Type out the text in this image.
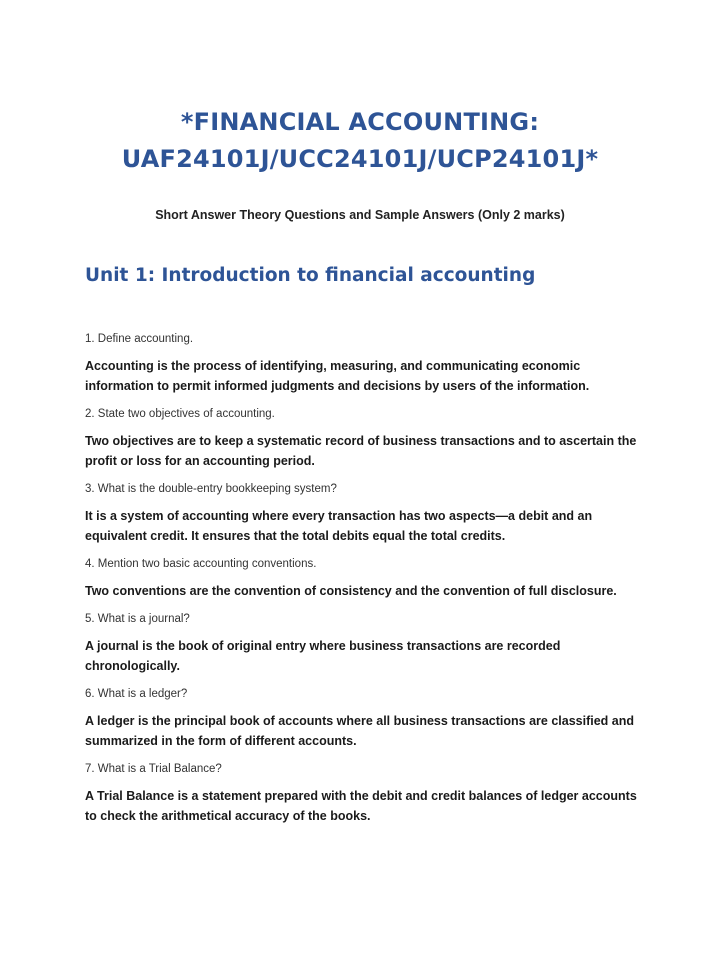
*FINANCIAL ACCOUNTING:
UAF24101J/UCC24101J/UCP24101J*

Short Answer Theory Questions and Sample Answers (Only 2 marks)

Unit 1: Introduction to financial accounting

1. Define accounting.

Accounting is the process of identifying, measuring, and communicating economic information to permit informed judgments and decisions by users of the information.

2. State two objectives of accounting.

Two objectives are to keep a systematic record of business transactions and to ascertain the profit or loss for an accounting period.

3. What is the double-entry bookkeeping system?

It is a system of accounting where every transaction has two aspects—a debit and an equivalent credit. It ensures that the total debits equal the total credits.

4. Mention two basic accounting conventions.

Two conventions are the convention of consistency and the convention of full disclosure.

5. What is a journal?

A journal is the book of original entry where business transactions are recorded chronologically.

6. What is a ledger?

A ledger is the principal book of accounts where all business transactions are classified and summarized in the form of different accounts.

7. What is a Trial Balance?

A Trial Balance is a statement prepared with the debit and credit balances of ledger accounts to check the arithmetical accuracy of the books.
